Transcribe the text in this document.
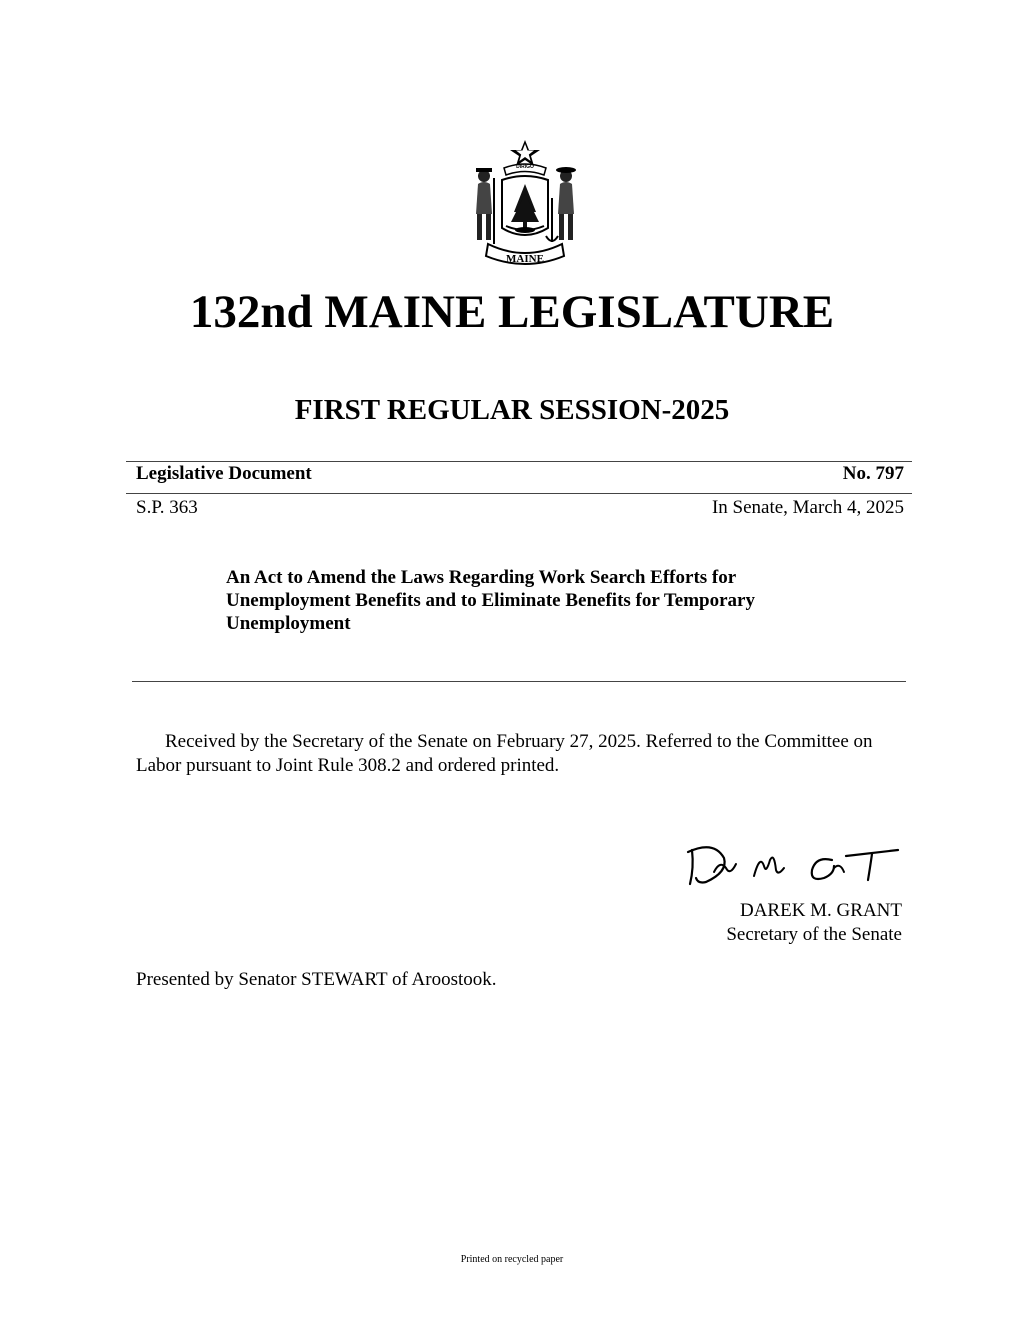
MAINE
DIRIGO
132nd MAINE LEGISLATURE
FIRST REGULAR SESSION-2025
Legislative Document	No. 797
S.P. 363	In Senate, March 4, 2025
An Act to Amend the Laws Regarding Work Search Efforts for
Unemployment Benefits and to Eliminate Benefits for Temporary
Unemployment

Received by the Secretary of the Senate on February 27, 2025. Referred to the Committee on Labor pursuant to Joint Rule 308.2 and ordered printed.

DAREK M. GRANT
Secretary of the Senate

Presented by Senator STEWART of Aroostook.

Printed on recycled paper
